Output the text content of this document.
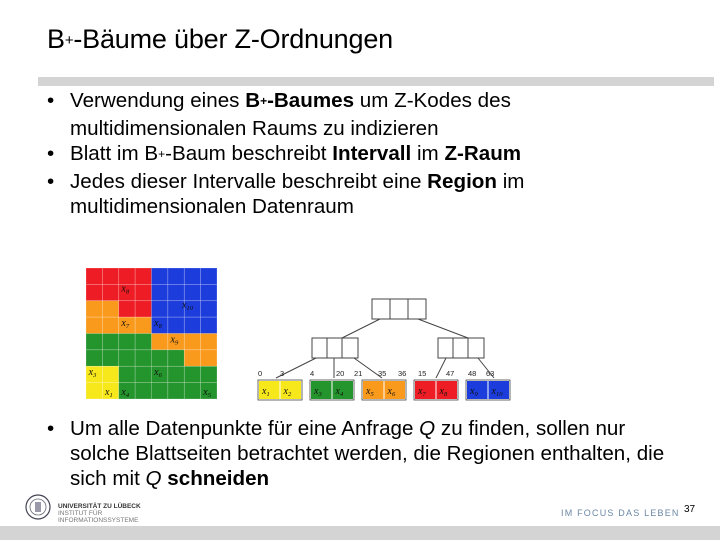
B+-Bäume über Z-Ordnungen
• Verwendung eines B+-Baumes um Z-Kodes des multidimensionalen Raums zu indizieren
• Blatt im B+-Baum beschreibt Intervall im Z-Raum
• Jedes dieser Intervalle beschreibt eine Region im multidimensionalen Datenraum
$x_8$
$x_{10}$
$x_7$	$x_8$
$x_9$
$x_3$	$x_6$
$x_1$ $x_4$	$x_5$
0 3	4	20 21 35 36 15	47 48 63
$x_1$ $x_2$ $x_3$ $x_4$ $x_5$ $x_6$ $x_7$ $x_8$ $x_9$ $x_{10}$
• Um alle Datenpunkte für eine Anfrage Q zu finden, sollen nur solche Blattseiten betrachtet werden, die Regionen enthalten, die sich mit Q schneiden
UNIVERSITÄT ZU LÜBECK
INSTITUT FÜR INFORMATIONSSYSTEME
IM FOCUS DAS LEBEN 37
